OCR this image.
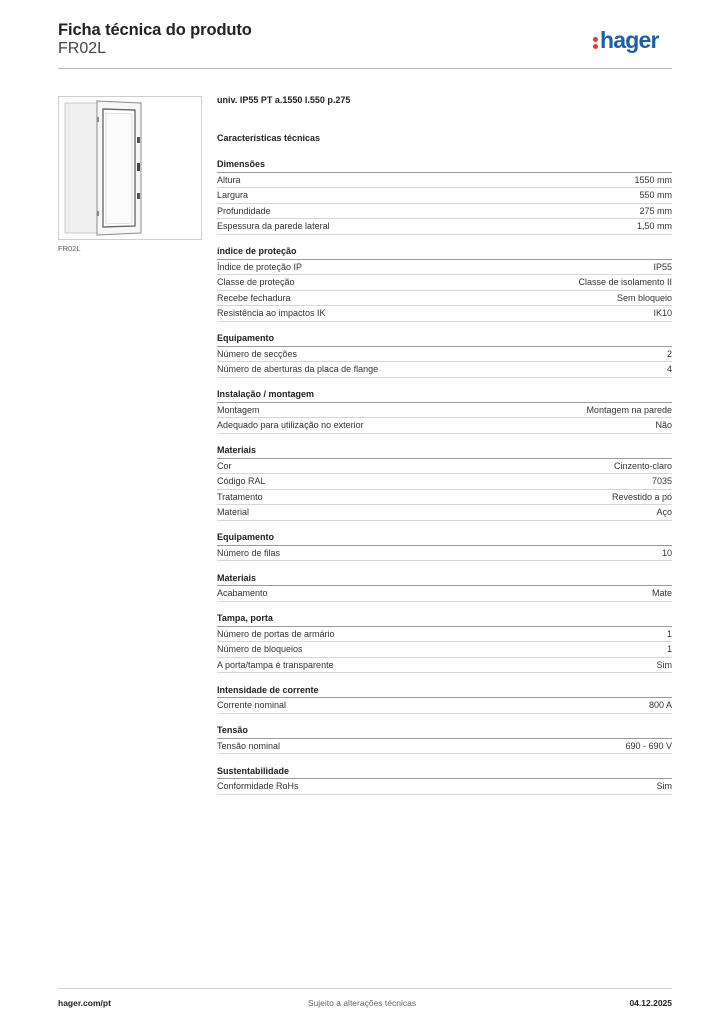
Ficha técnica do produto
FR02L	hager
FR02L
univ. IP55 PT a.1550 l.550 p.275
Características técnicas
Dimensões
Altura	1550 mm
Largura	550 mm
Profundidade	275 mm
Espessura da parede lateral	1,50 mm
índice de proteção
Índice de proteção IP	IP55
Classe de proteção	Classe de isolamento II
Recebe fechadura	Sem bloqueio
Resistência ao impactos IK	IK10
Equipamento
Número de secções	2
Número de aberturas da placa de flange	4
Instalação / montagem
Montagem	Montagem na parede
Adequado para utilização no exterior	Não
Materiais
Cor	Cinzento-claro
Código RAL	7035
Tratamento	Revestido a pó
Material	Aço
Equipamento
Número de filas	10
Materiais
Acabamento	Mate
Tampa, porta
Número de portas de armário	1
Número de bloqueios	1
A porta/tampa é transparente	Sim
Intensidade de corrente
Corrente nominal	800 A
Tensão
Tensão nominal	690 - 690 V
Sustentabilidade
Conformidade RoHs	Sim
hager.com/pt	Sujeito a alterações técnicas	04.12.2025
